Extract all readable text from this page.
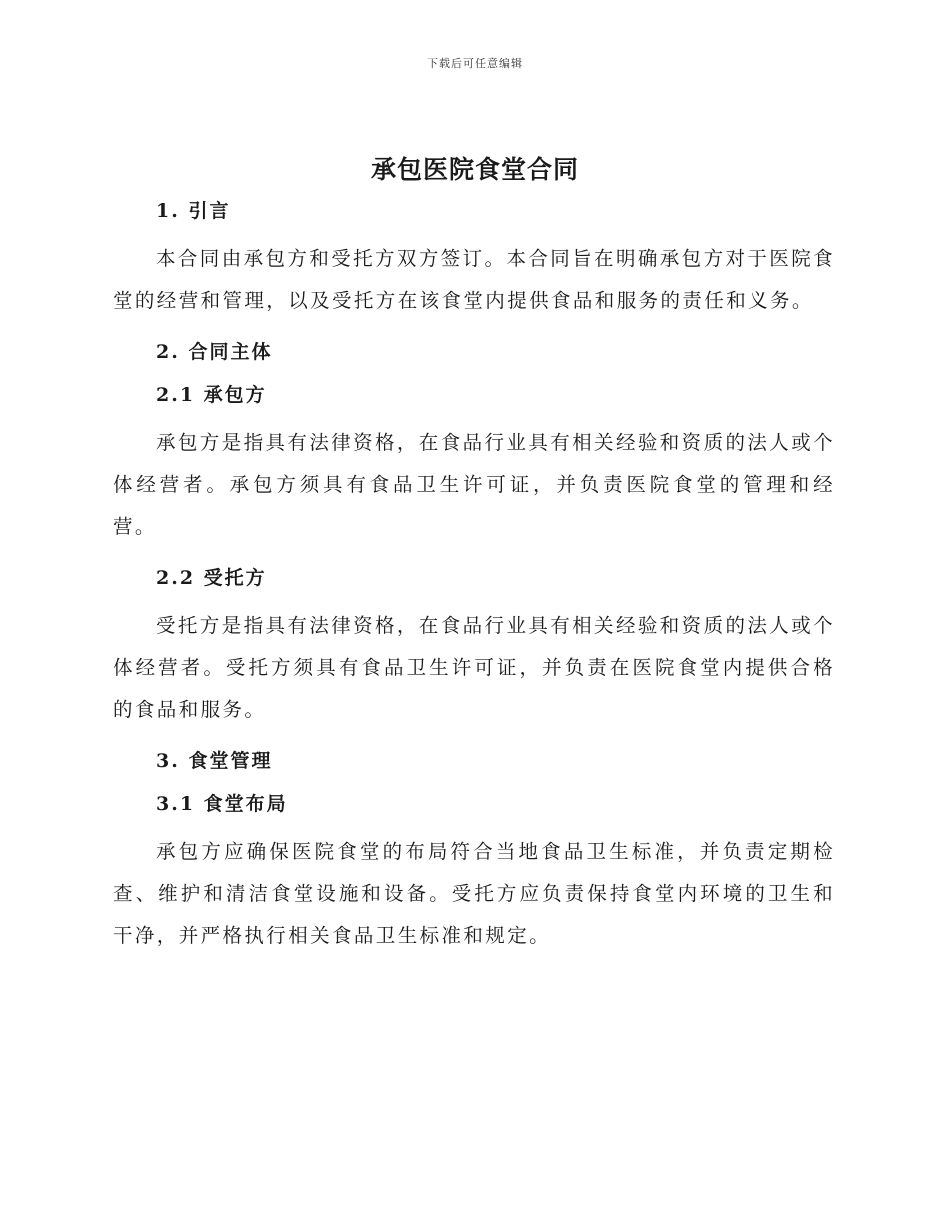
下载后可任意编辑
承包医院食堂合同
1. 引言

本合同由承包方和受托方双方签订。本合同旨在明确承包方对于医院食堂的经营和管理，以及受托方在该食堂内提供食品和服务的责任和义务。

2. 合同主体
2.1 承包方

承包方是指具有法律资格，在食品行业具有相关经验和资质的法人或个体经营者。承包方须具有食品卫生许可证，并负责医院食堂的管理和经营。

2.2 受托方

受托方是指具有法律资格，在食品行业具有相关经验和资质的法人或个体经营者。受托方须具有食品卫生许可证，并负责在医院食堂内提供合格的食品和服务。

3. 食堂管理
3.1 食堂布局

承包方应确保医院食堂的布局符合当地食品卫生标准，并负责定期检查、维护和清洁食堂设施和设备。受托方应负责保持食堂内环境的卫生和干净，并严格执行相关食品卫生标准和规定。
